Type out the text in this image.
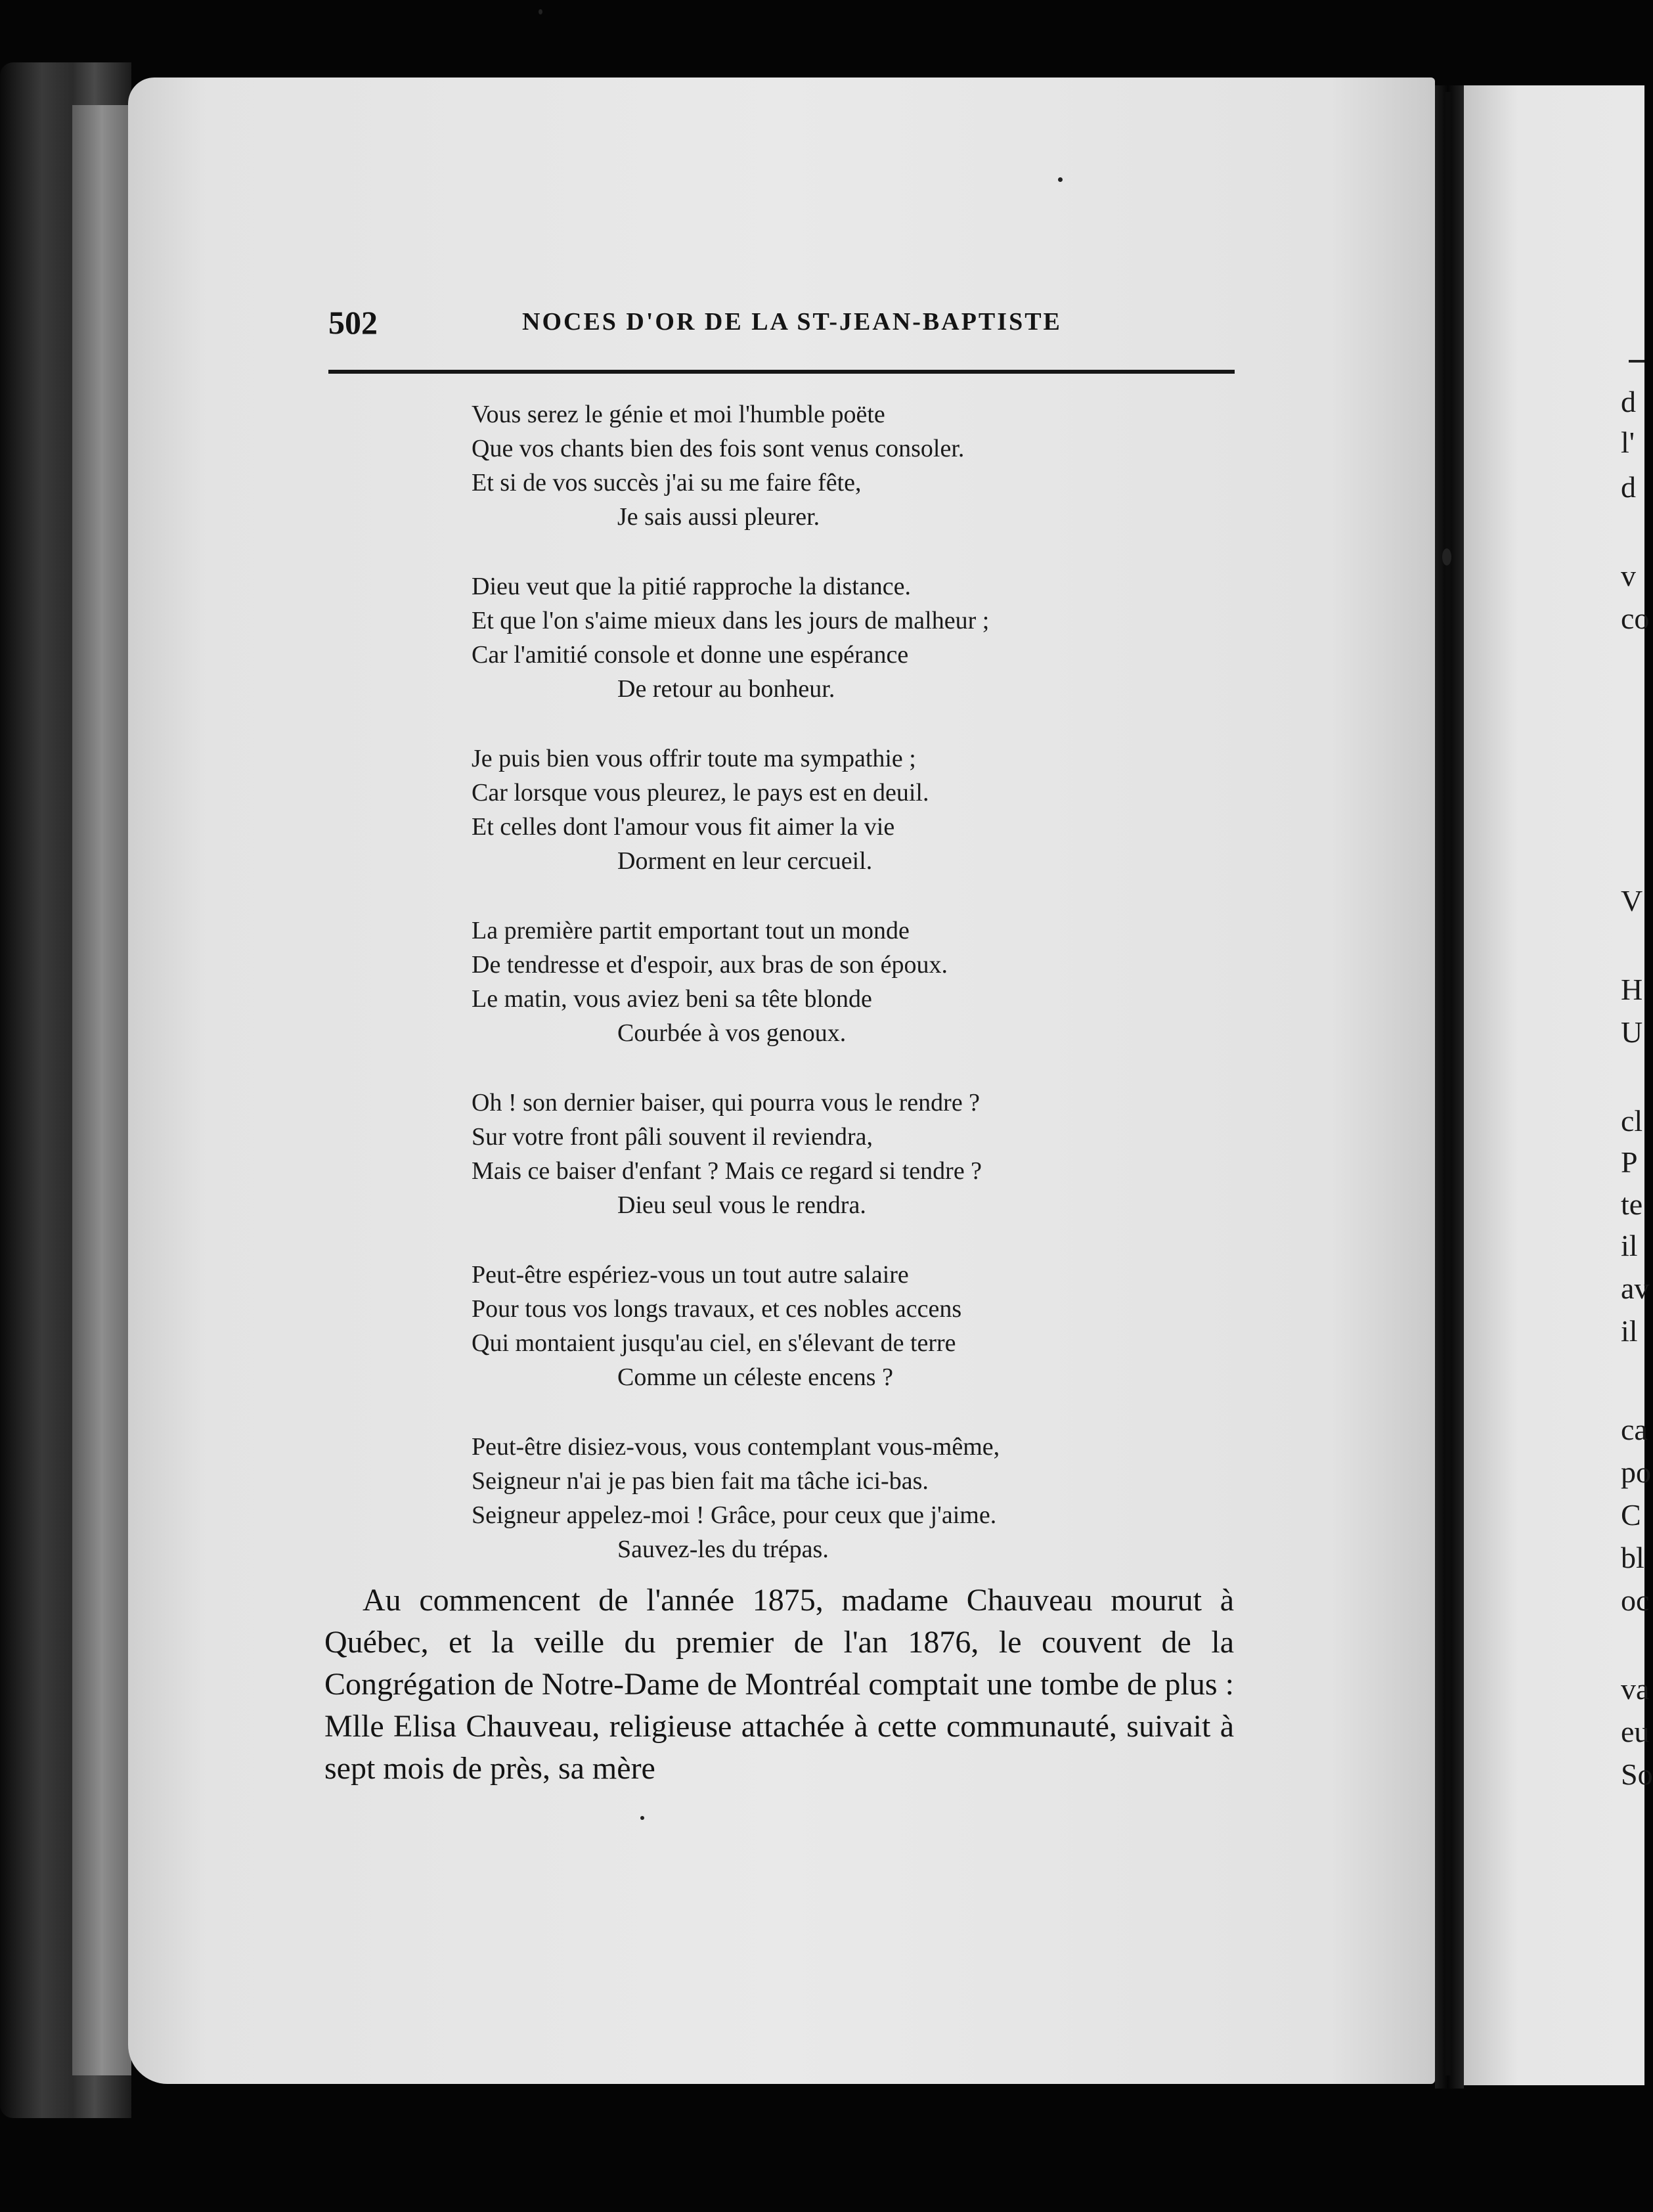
d
l'
d
v
co
V
H
U
cl
P
te
il
av
il
ca
po
C
bl
oc
va
eu
So
502	NOCES D'OR DE LA ST-JEAN-BAPTISTE
Vous serez le génie et moi l'humble poëte
Que vos chants bien des fois sont venus consoler.
Et si de vos succès j'ai su me faire fête,
Je sais aussi pleurer.
Dieu veut que la pitié rapproche la distance.
Et que l'on s'aime mieux dans les jours de malheur ;
Car l'amitié console et donne une espérance
De retour au bonheur.
Je puis bien vous offrir toute ma sympathie ;
Car lorsque vous pleurez, le pays est en deuil.
Et celles dont l'amour vous fit aimer la vie
Dorment en leur cercueil.
La première partit emportant tout un monde
De tendresse et d'espoir, aux bras de son époux.
Le matin, vous aviez beni sa tête blonde
Courbée à vos genoux.
Oh ! son dernier baiser, qui pourra vous le rendre ?
Sur votre front pâli souvent il reviendra,
Mais ce baiser d'enfant ? Mais ce regard si tendre ?
Dieu seul vous le rendra.
Peut-être espériez-vous un tout autre salaire
Pour tous vos longs travaux, et ces nobles accens
Qui montaient jusqu'au ciel, en s'élevant de terre
Comme un céleste encens ?
Peut-être disiez-vous, vous contemplant vous-même,
Seigneur n'ai je pas bien fait ma tâche ici-bas.
Seigneur appelez-moi ! Grâce, pour ceux que j'aime.
Sauvez-les du trépas.

Au commencent de l'année 1875, madame Chauveau mourut à Québec, et la veille du premier de l'an 1876, le couvent de la Congrégation de Notre-Dame de Montréal comptait une tombe de plus : Mlle Elisa Chauveau, religieuse attachée à cette communauté, suivait à sept mois de près, sa mère
